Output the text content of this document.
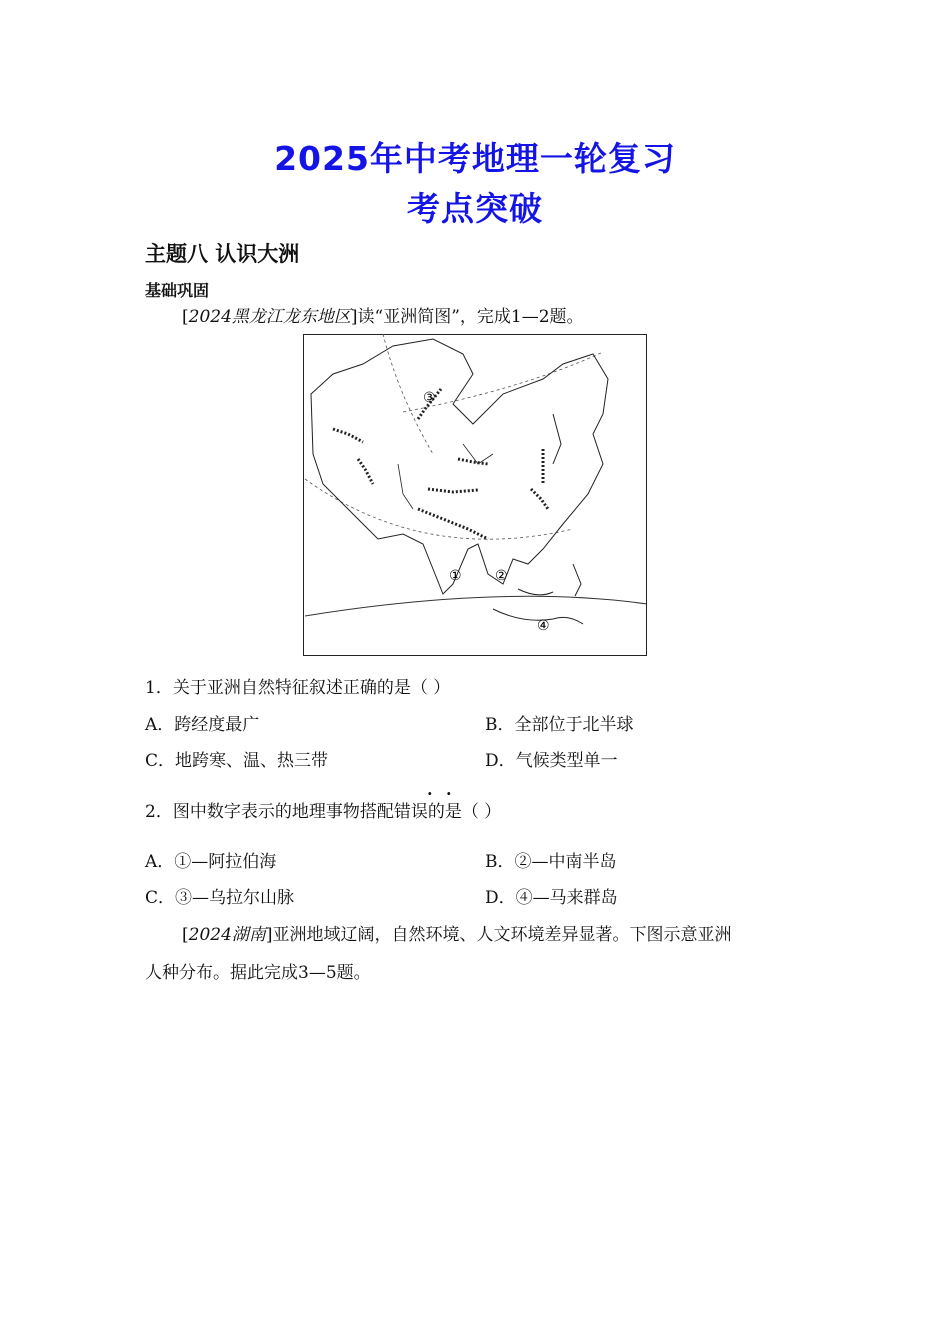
2025年中考地理一轮复习
考点突破
主题八 认识大洲
基础巩固
[2024黑龙江龙东地区]读“亚洲简图”，完成1—2题。
③
① ②
④
1．关于亚洲自然特征叙述正确的是（ ）
A．跨经度最广	B．全部位于北半球
C．地跨寒、温、热三带	D．气候类型单一
. .
2．图中数字表示的地理事物搭配错误的是（ ）
A．①—阿拉伯海	B．②—中南半岛
C．③—乌拉尔山脉	D．④—马来群岛
[2024湖南]亚洲地域辽阔，自然环境、人文环境差异显著。下图示意亚洲
人种分布。据此完成3—5题。
